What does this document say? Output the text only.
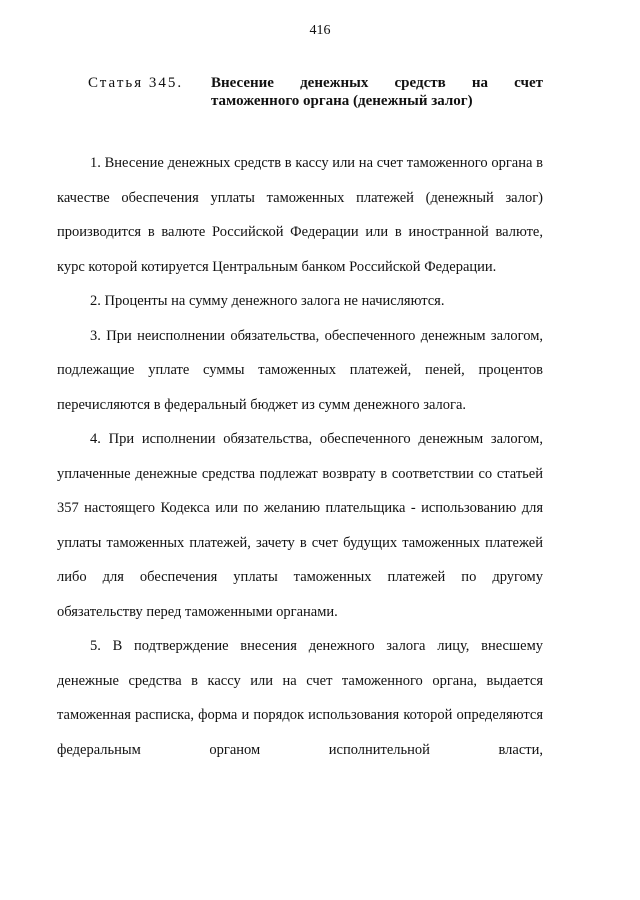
416
Статья 345. Внесение денежных средств на счет
таможенного органа (денежный залог)

1. Внесение денежных средств в кассу или на счет таможенного органа в качестве обеспечения уплаты таможенных платежей (денежный залог) производится в валюте Российской Федерации или в иностранной валюте, курс которой котируется Центральным банком Российской Федерации.

2. Проценты на сумму денежного залога не начисляются.

3. При неисполнении обязательства, обеспеченного денежным залогом, подлежащие уплате суммы таможенных платежей, пеней, процентов перечисляются в федеральный бюджет из сумм денежного залога.

4. При исполнении обязательства, обеспеченного денежным залогом, уплаченные денежные средства подлежат возврату в соответствии со статьей 357 настоящего Кодекса или по желанию плательщика - использованию для уплаты таможенных платежей, зачету в счет будущих таможенных платежей либо для обеспечения уплаты таможенных платежей по другому обязательству перед таможенными органами.

5. В подтверждение внесения денежного залога лицу, внесшему денежные средства в кассу или на счет таможенного органа, выдается таможенная расписка, форма и порядок использования которой определяются федеральным органом исполнительной власти,
